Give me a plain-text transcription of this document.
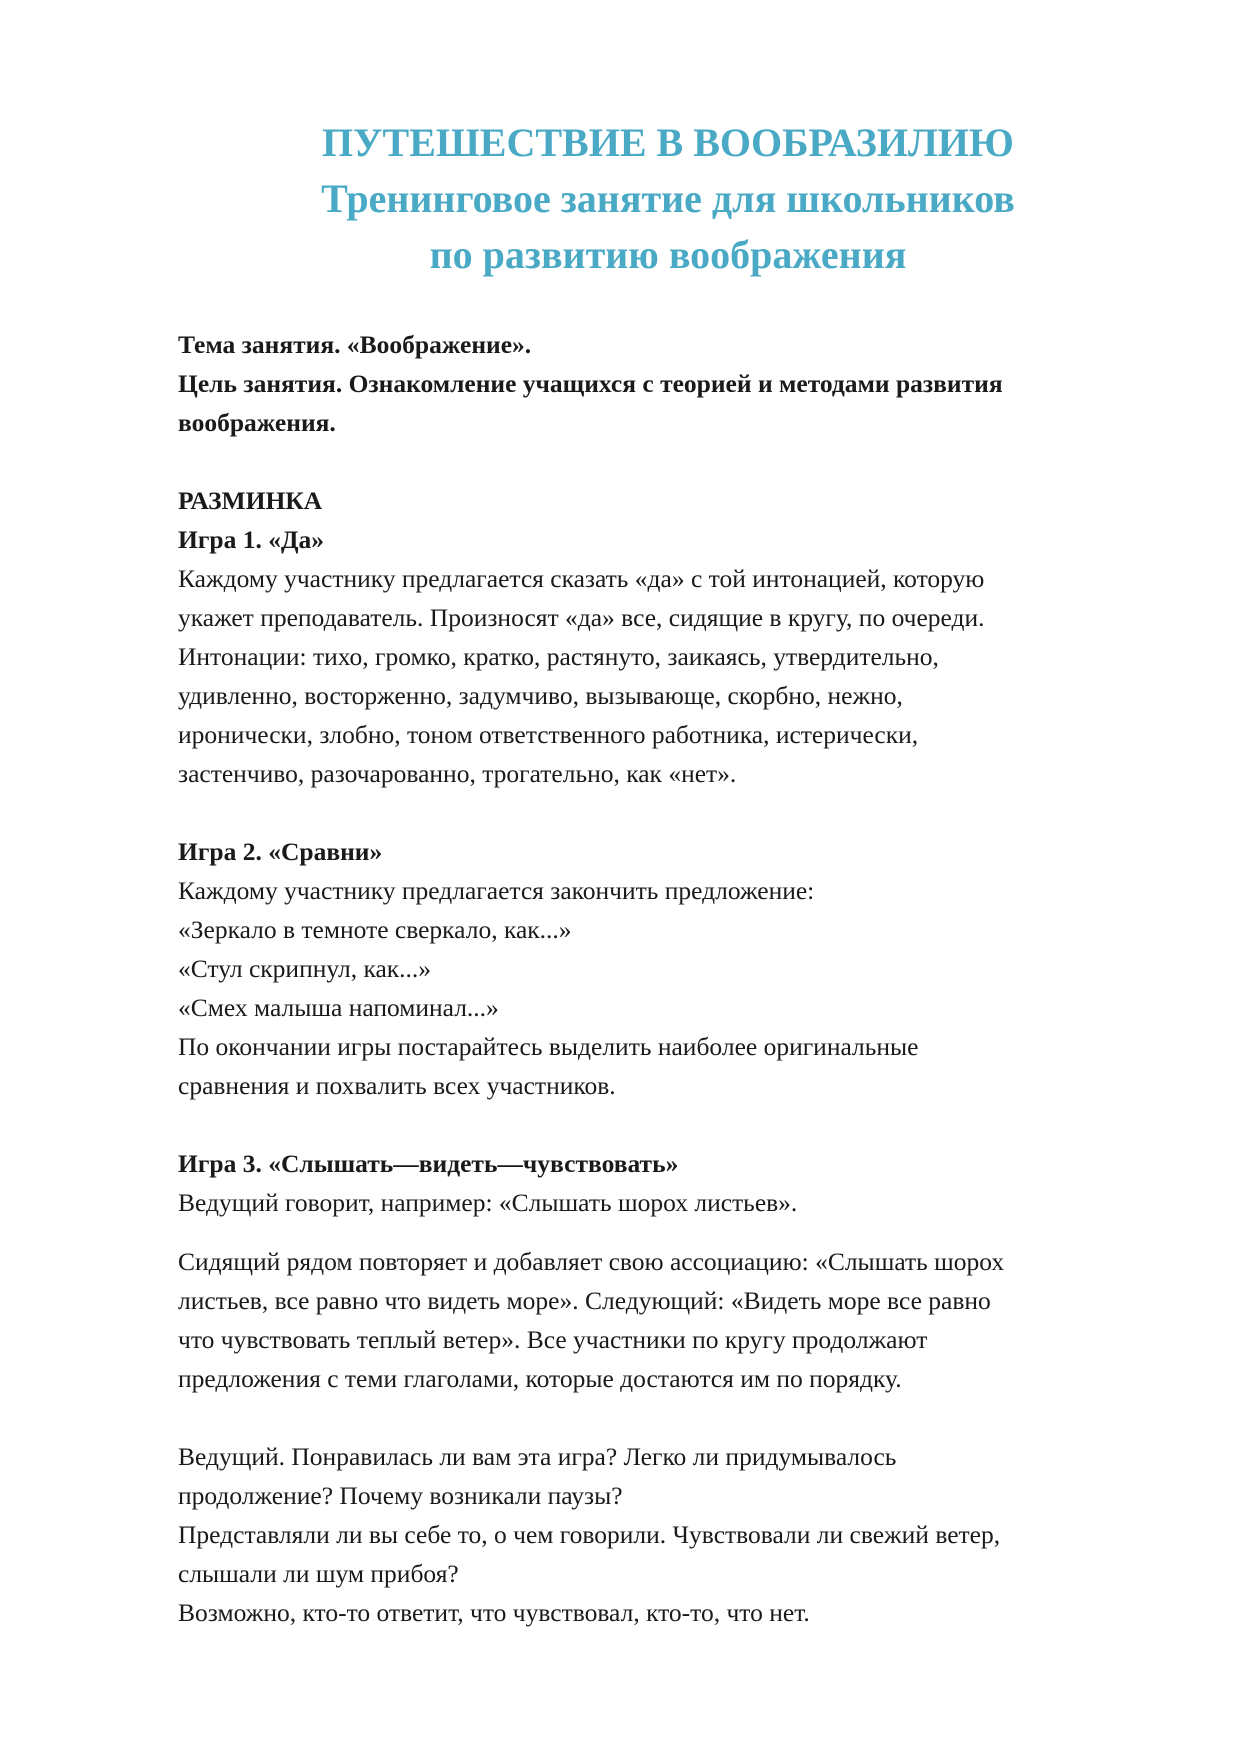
ПУТЕШЕСТВИЕ В ВООБРАЗИЛИЮ

Тренинговое занятие для школьников

по развитию воображения

Тема занятия. «Воображение».

Цель занятия. Ознакомление учащихся с теорией и методами развития

воображения.

РАЗМИНКА

Игра 1. «Да»

Каждому участнику предлагается сказать «да» с той интонацией, которую

укажет преподаватель. Произносят «да» все, сидящие в кругу, по очереди.

Интонации: тихо, громко, кратко, растянуто, заикаясь, утвердительно,

удивленно, восторженно, задумчиво, вызывающе, скорбно, нежно,

иронически, злобно, тоном ответственного работника, истерически,

застенчиво, разочарованно, трогательно, как «нет».

Игра 2. «Сравни»

Каждому участнику предлагается закончить предложение:

«Зеркало в темноте сверкало, как...»

«Стул скрипнул, как...»

«Смех малыша напоминал...»

По окончании игры постарайтесь выделить наиболее оригинальные

сравнения и похвалить всех участников.

Игра 3. «Слышать—видеть—чувствовать»

Ведущий говорит, например: «Слышать шорох листьев».

Сидящий рядом повторяет и добавляет свою ассоциацию: «Слышать шорох

листьев, все равно что видеть море». Следующий: «Видеть море все равно

что чувствовать теплый ветер». Все участники по кругу продолжают

предложения с теми глаголами, которые достаются им по порядку.

Ведущий. Понравилась ли вам эта игра? Легко ли придумывалось

продолжение? Почему возникали паузы?

Представляли ли вы себе то, о чем говорили. Чувствовали ли свежий ветер,

слышали ли шум прибоя?

Возможно, кто-то ответит, что чувствовал, кто-то, что нет.
